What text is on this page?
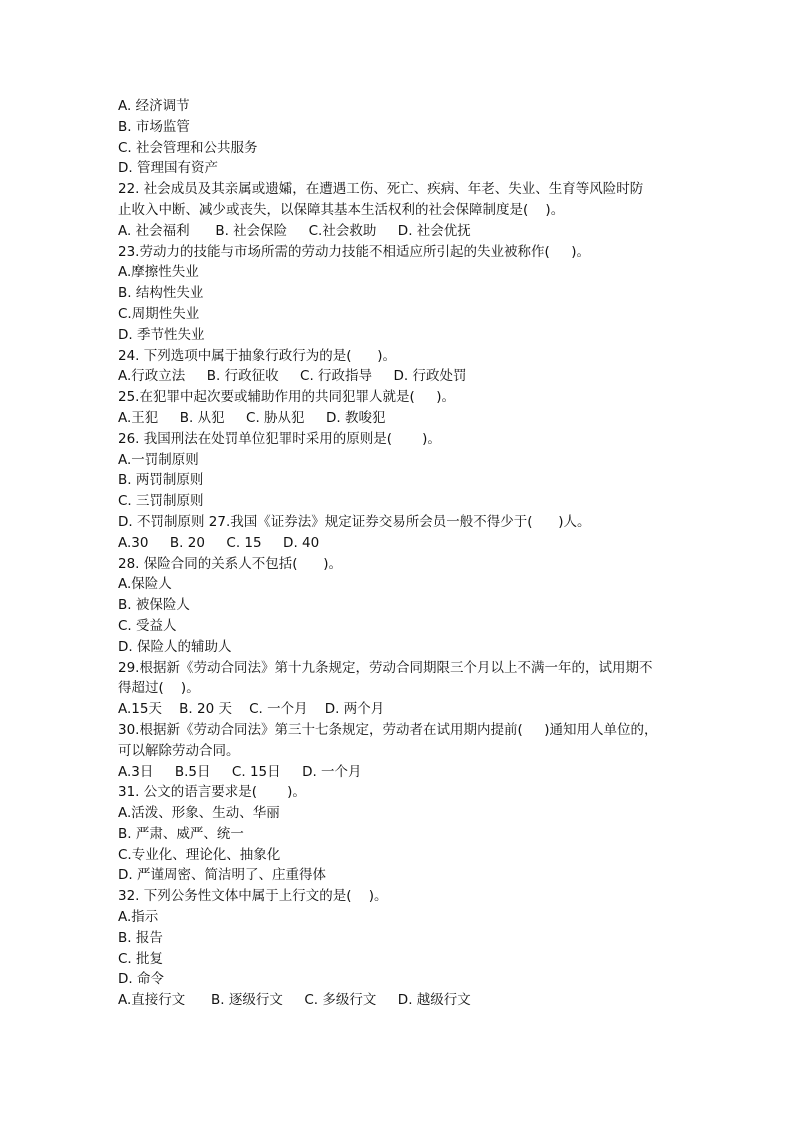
A. 经济调节
B. 市场监管
C. 社会管理和公共服务
D. 管理国有资产
22. 社会成员及其亲属或遗孀，在遭遇工伤、死亡、疾病、年老、失业、生育等风险时防
止收入中断、减少或丧失，以保障其基本生活权利的社会保障制度是(    )。
A. 社会福利      B. 社会保险     C.社会救助     D. 社会优抚
23.劳动力的技能与市场所需的劳动力技能不相适应所引起的失业被称作(     )。
A.摩擦性失业
B. 结构性失业
C.周期性失业
D. 季节性失业
24. 下列选项中属于抽象行政行为的是(      )。
A.行政立法     B. 行政征收     C. 行政指导     D. 行政处罚
25.在犯罪中起次要或辅助作用的共同犯罪人就是(     )。
A.王犯     B. 从犯     C. 胁从犯     D. 教唆犯
26. 我国刑法在处罚单位犯罪时采用的原则是(       )。
A.一罚制原则
B. 两罚制原则
C. 三罚制原则
D. 不罚制原则 27.我国《证券法》规定证券交易所会员一般不得少于(      )人。
A.30     B. 20     C. 15     D. 40
28. 保险合同的关系人不包括(      )。
A.保险人
B. 被保险人
C. 受益人
D. 保险人的辅助人
29.根据新《劳动合同法》第十九条规定，劳动合同期限三个月以上不满一年的，试用期不
得超过(    )。
A.15天    B. 20 天    C. 一个月    D. 两个月
30.根据新《劳动合同法》第三十七条规定，劳动者在试用期内提前(     )通知用人单位的，
可以解除劳动合同。
A.3日     B.5日     C. 15日     D. 一个月
31. 公文的语言要求是(       )。
A.活泼、形象、生动、华丽
B. 严肃、威严、统一
C.专业化、理论化、抽象化
D. 严谨周密、简洁明了、庄重得体
32. 下列公务性文体中属于上行文的是(    )。
A.指示
B. 报告
C. 批复
D. 命令
A.直接行文      B. 逐级行文     C. 多级行文     D. 越级行文
